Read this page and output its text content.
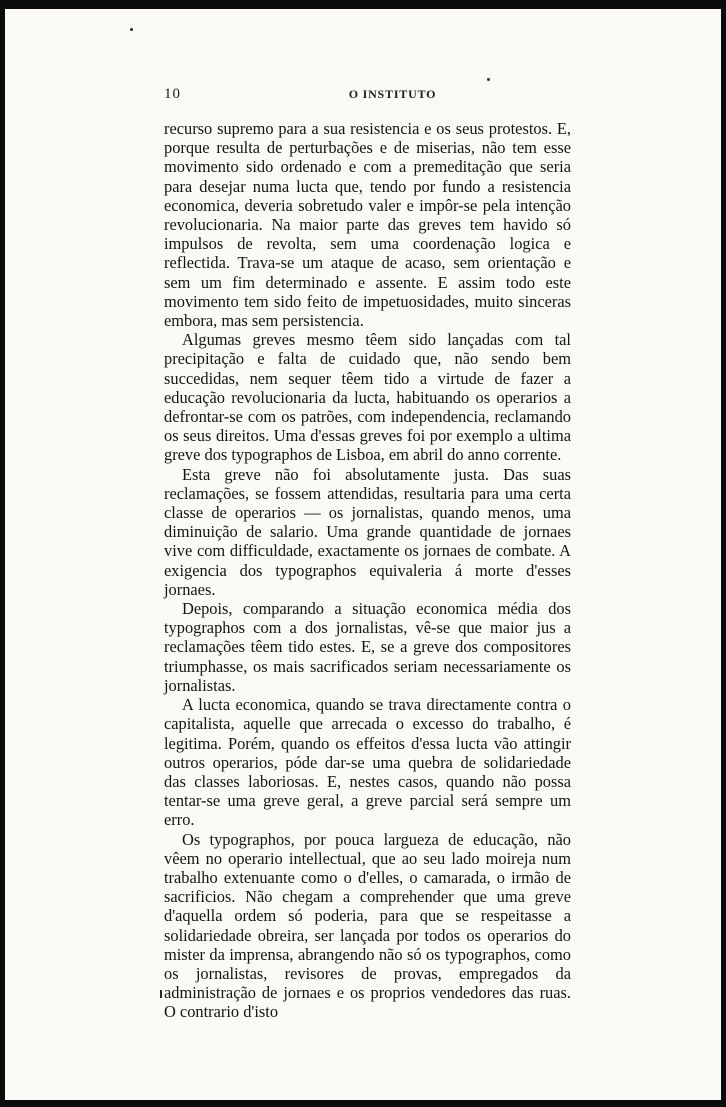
10	O INSTITUTO

recurso supremo para a sua resistencia e os seus protestos. E, porque resulta de perturbações e de miserias, não tem esse movimento sido ordenado e com a premeditação que seria para desejar numa lucta que, tendo por fundo a resistencia economica, deveria sobretudo valer e impôr-se pela intenção revolucionaria. Na maior parte das greves tem havido só impulsos de revolta, sem uma coordenação logica e reflectida. Trava-se um ataque de acaso, sem orientação e sem um fim determinado e assente. E assim todo este movimento tem sido feito de impetuosidades, muito sinceras embora, mas sem persistencia.

Algumas greves mesmo têem sido lançadas com tal precipitação e falta de cuidado que, não sendo bem succedidas, nem sequer têem tido a virtude de fazer a educação revolucionaria da lucta, habituando os operarios a defrontar-se com os patrões, com independencia, reclamando os seus direitos. Uma d'essas greves foi por exemplo a ultima greve dos typographos de Lisboa, em abril do anno corrente.

Esta greve não foi absolutamente justa. Das suas reclamações, se fossem attendidas, resultaria para uma certa classe de operarios — os jornalistas, quando menos, uma diminuição de salario. Uma grande quantidade de jornaes vive com difficuldade, exactamente os jornaes de combate. A exigencia dos typographos equivaleria á morte d'esses jornaes.

Depois, comparando a situação economica média dos typographos com a dos jornalistas, vê-se que maior jus a reclamações têem tido estes. E, se a greve dos compositores triumphasse, os mais sacrificados seriam necessariamente os jornalistas.

A lucta economica, quando se trava directamente contra o capitalista, aquelle que arrecada o excesso do trabalho, é legitima. Porém, quando os effeitos d'essa lucta vão attingir outros operarios, póde dar-se uma quebra de solidariedade das classes laboriosas. E, nestes casos, quando não possa tentar-se uma greve geral, a greve parcial será sempre um erro.

Os typographos, por pouca largueza de educação, não vêem no operario intellectual, que ao seu lado moireja num trabalho extenuante como o d'elles, o camarada, o irmão de sacrificios. Não chegam a comprehender que uma greve d'aquella ordem só poderia, para que se respeitasse a solidariedade obreira, ser lançada por todos os operarios do mister da imprensa, abrangendo não só os typographos, como os jornalistas, revisores de provas, empregados da administração de jornaes e os proprios vendedores das ruas. O contrario d'isto
